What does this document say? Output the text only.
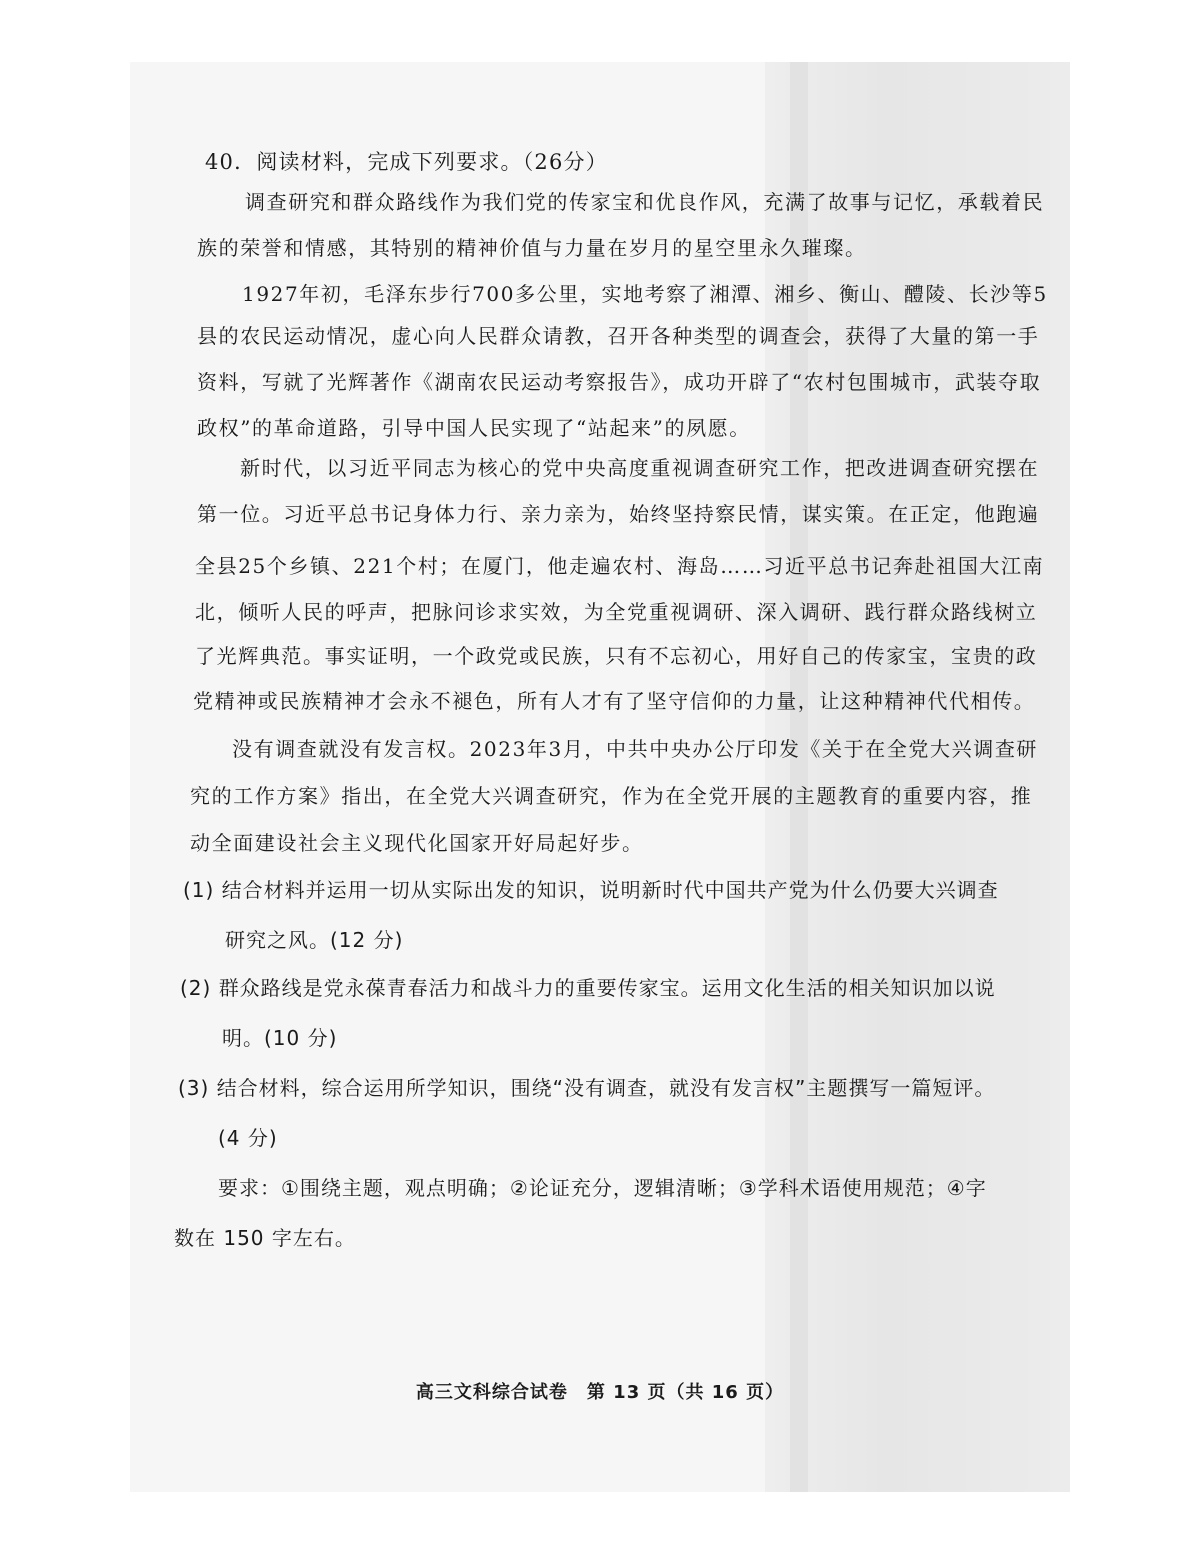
40．阅读材料，完成下列要求。（26分）
调查研究和群众路线作为我们党的传家宝和优良作风，充满了故事与记忆，承载着民
族的荣誉和情感，其特别的精神价值与力量在岁月的星空里永久璀璨。
1927年初，毛泽东步行700多公里，实地考察了湘潭、湘乡、衡山、醴陵、长沙等5
县的农民运动情况，虚心向人民群众请教，召开各种类型的调查会，获得了大量的第一手
资料，写就了光辉著作《湖南农民运动考察报告》，成功开辟了“农村包围城市，武装夺取
政权”的革命道路，引导中国人民实现了“站起来”的夙愿。
新时代，以习近平同志为核心的党中央高度重视调查研究工作，把改进调查研究摆在
第一位。习近平总书记身体力行、亲力亲为，始终坚持察民情，谋实策。在正定，他跑遍
全县25个乡镇、221个村；在厦门，他走遍农村、海岛……习近平总书记奔赴祖国大江南
北，倾听人民的呼声，把脉问诊求实效，为全党重视调研、深入调研、践行群众路线树立
了光辉典范。事实证明，一个政党或民族，只有不忘初心，用好自己的传家宝，宝贵的政
党精神或民族精神才会永不褪色，所有人才有了坚守信仰的力量，让这种精神代代相传。
没有调查就没有发言权。2023年3月，中共中央办公厅印发《关于在全党大兴调查研
究的工作方案》指出，在全党大兴调查研究，作为在全党开展的主题教育的重要内容，推
动全面建设社会主义现代化国家开好局起好步。
(1) 结合材料并运用一切从实际出发的知识，说明新时代中国共产党为什么仍要大兴调查
研究之风。(12 分)
(2) 群众路线是党永葆青春活力和战斗力的重要传家宝。运用文化生活的相关知识加以说
明。(10 分)
(3) 结合材料，综合运用所学知识，围绕“没有调查，就没有发言权”主题撰写一篇短评。
(4 分)
要求：①围绕主题，观点明确；②论证充分，逻辑清晰；③学科术语使用规范；④字
数在 150 字左右。
高三文科综合试卷　第 13 页（共 16 页）
